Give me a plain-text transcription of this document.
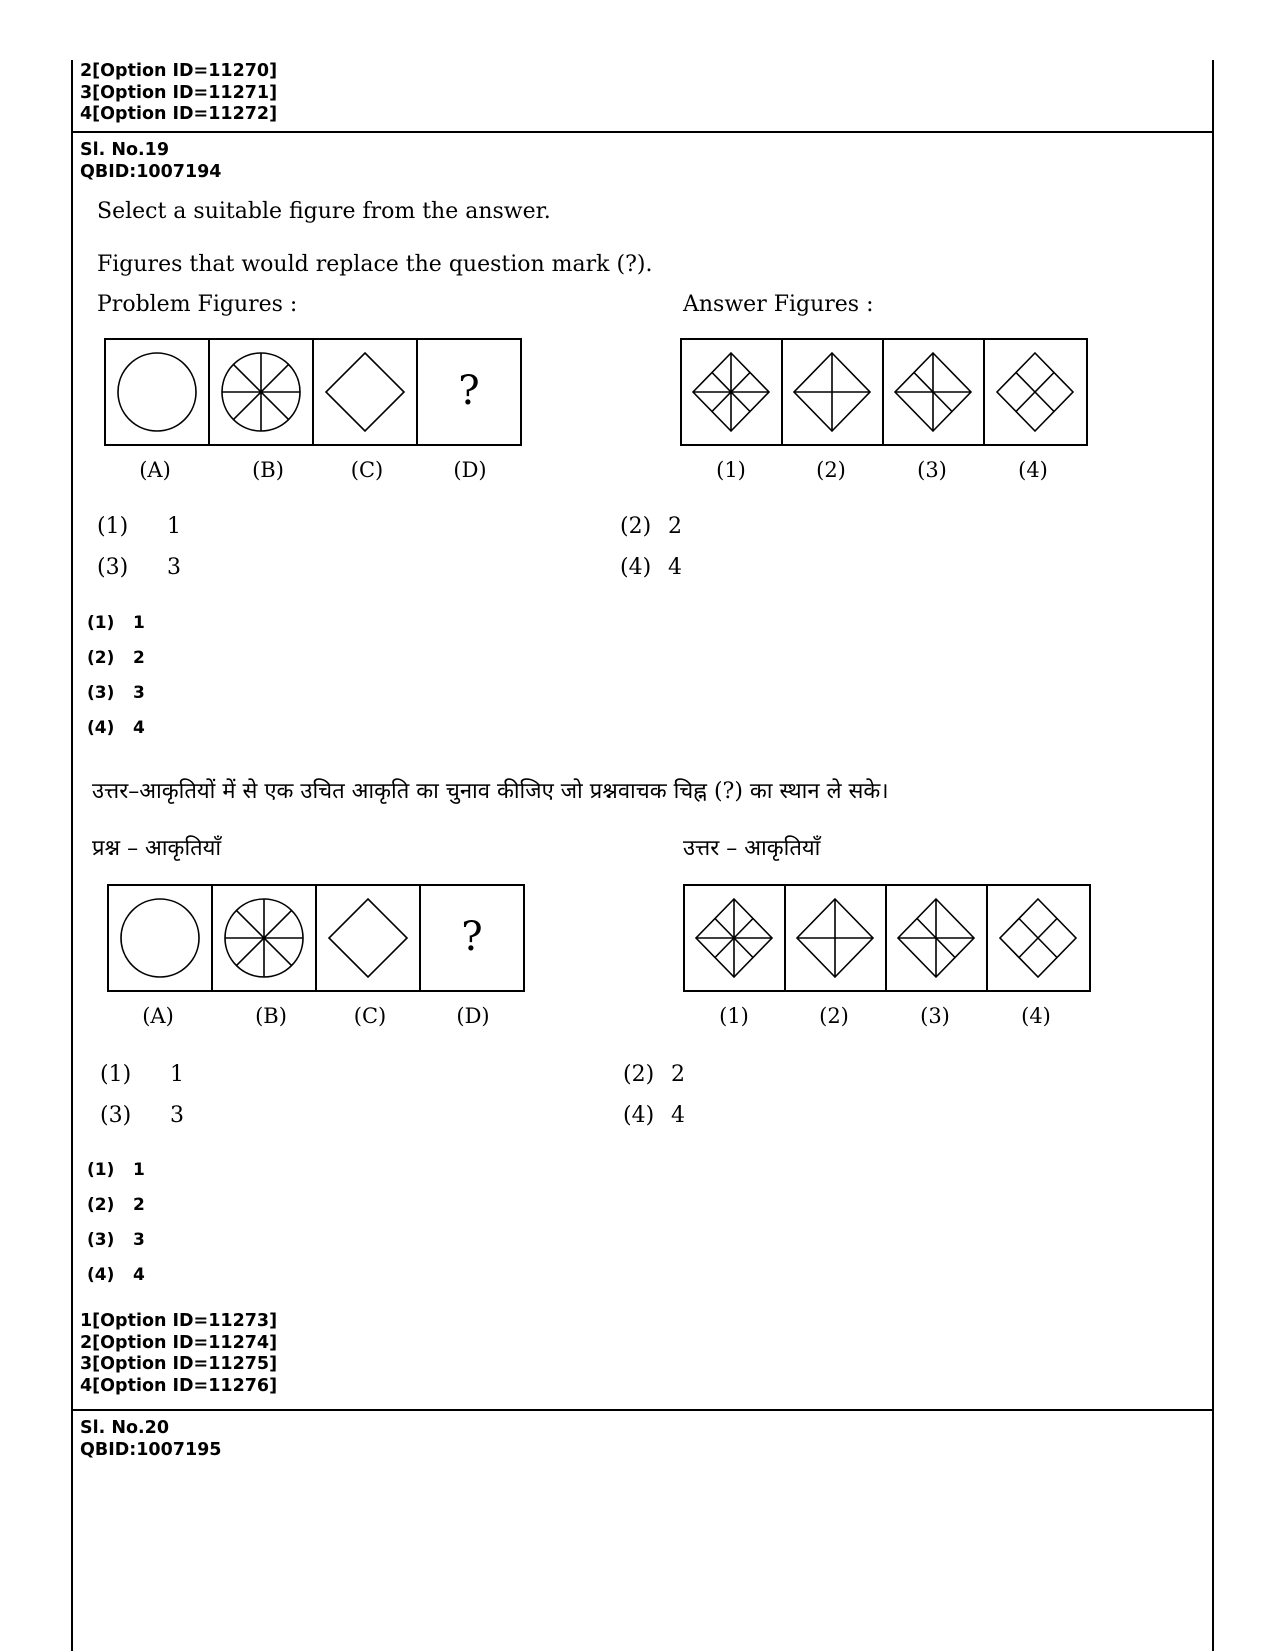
2[Option ID=11270]
3[Option ID=11271]
4[Option ID=11272]
Sl. No.19
QBID:1007194
Select a suitable figure from the answer.
Figures that would replace the question mark (?).
Problem Figures :	Answer Figures :
?
(A)	(B)	(C)	(D)	(1)	(2)	(3)	(4)
(1) 1	(2) 2
(3) 3	(4) 4
(1) 1
(2) 2
(3) 3
(4) 4
उत्तर–आकृतियों में से एक उचित आकृति का चुनाव कीजिए जो प्रश्नवाचक चिह्न (?) का स्थान ले सके।
प्रश्न – आकृतियाँ	उत्तर – आकृतियाँ
?
(A)	(B)	(C)	(D)	(1)	(2)	(3)	(4)
(1) 1	(2) 2
(3) 3	(4) 4
(1) 1
(2) 2
(3) 3
(4) 4
1[Option ID=11273]
2[Option ID=11274]
3[Option ID=11275]
4[Option ID=11276]
Sl. No.20
QBID:1007195
